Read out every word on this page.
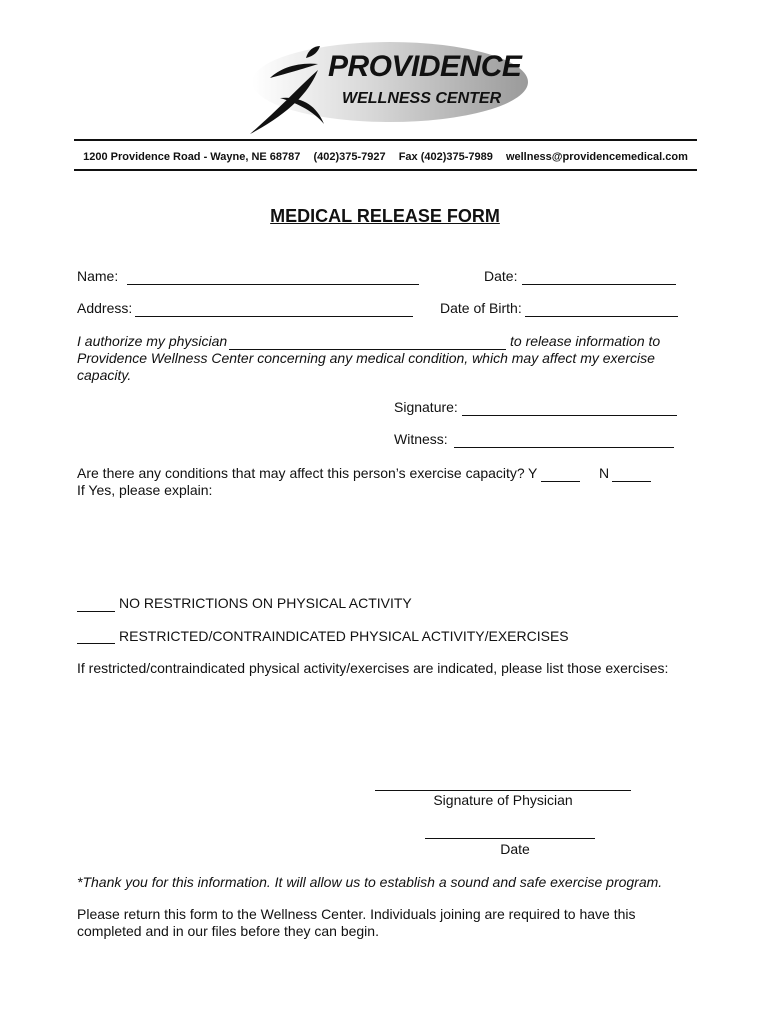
PROVIDENCE
WELLNESS CENTER
1200 Providence Road - Wayne, NE 68787 (402)375-7927 Fax (402)375-7989 wellness@providencemedical.com
MEDICAL RELEASE FORM
Name:	Date:
Address:	Date of Birth:
I authorize my physician	to release information to
Providence Wellness Center concerning any medical condition, which may affect my exercise
capacity.
Signature:
Witness:
Are there any conditions that may affect this person’s exercise capacity? Y	N
If Yes, please explain:
NO RESTRICTIONS ON PHYSICAL ACTIVITY
RESTRICTED/CONTRAINDICATED PHYSICAL ACTIVITY/EXERCISES
If restricted/contraindicated physical activity/exercises are indicated, please list those exercises:
Signature of Physician
Date
*Thank you for this information. It will allow us to establish a sound and safe exercise program.
Please return this form to the Wellness Center. Individuals joining are required to have this
completed and in our files before they can begin.
